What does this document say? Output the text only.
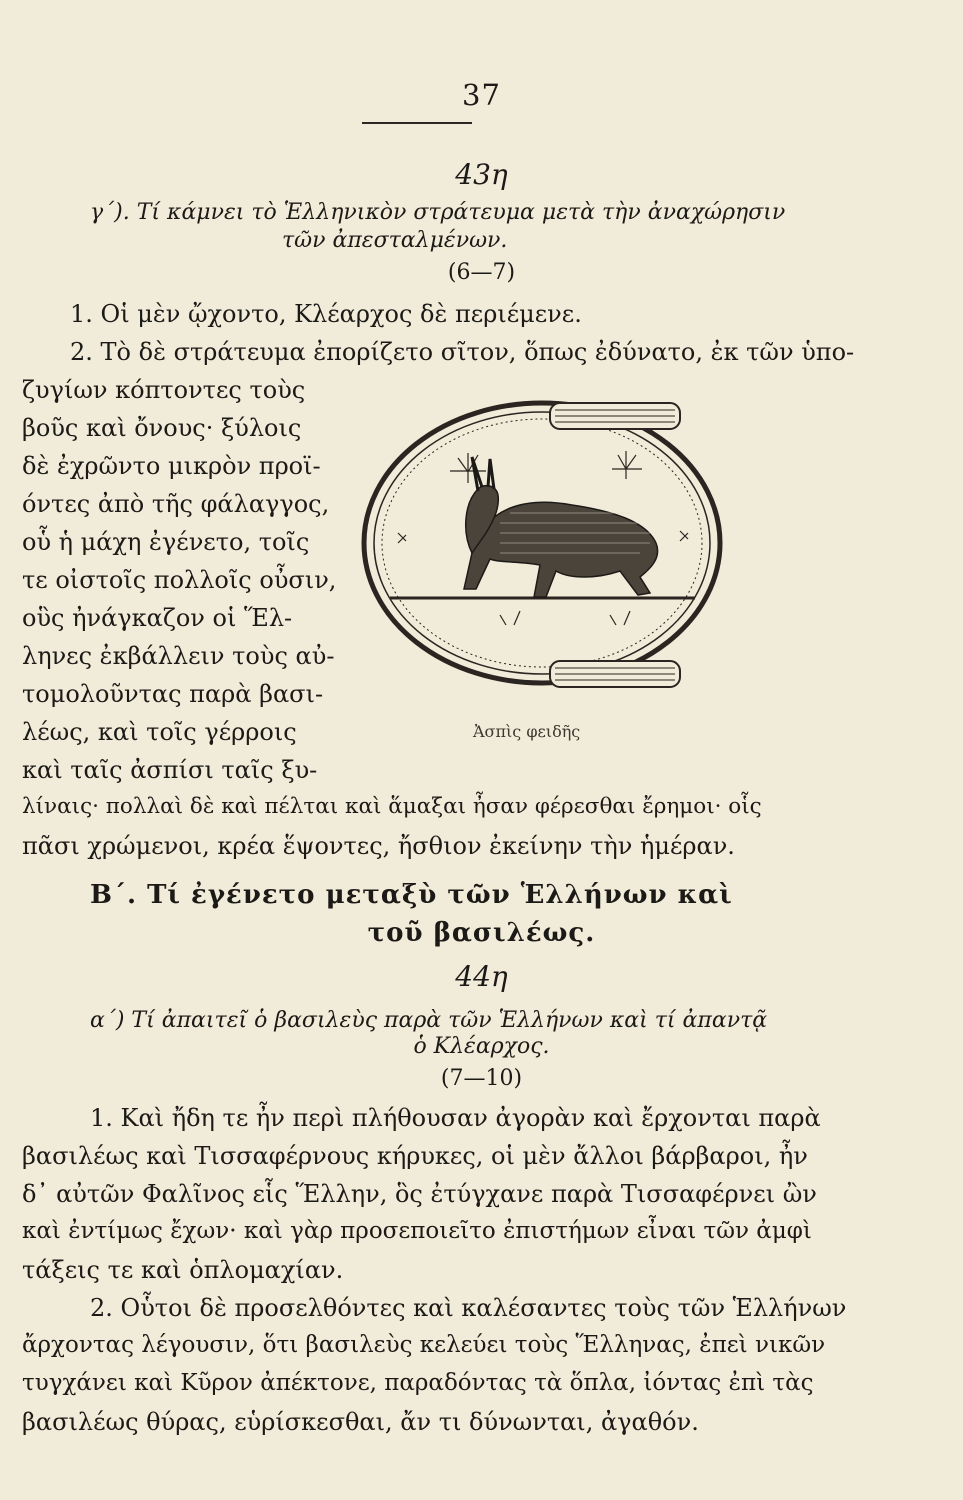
37
43η
γ΄). Τί κάμνει τὸ Ἑλληνικὸν στράτευμα μετὰ τὴν ἀναχώρησιν
τῶν ἀπεσταλμένων.
(6—7)
1. Οἱ μὲν ᾤχοντο, Κλέαρχος δὲ περιέμενε.
2. Τὸ δὲ στράτευμα ἐπορίζετο σῖτον, ὅπως ἐδύνατο, ἐκ τῶν ὑπο-
ζυγίων κόπτοντες τοὺς
βοῦς καὶ ὄνους· ξύλοις
δὲ ἐχρῶντο μικρὸν προϊ-
όντες ἀπὸ τῆς φάλαγγος,
οὗ ἡ μάχη ἐγένετο, τοῖς
τε οἰστοῖς πολλοῖς οὖσιν,
οὓς ἠνάγκαζον οἱ Ἕλ-
ληνες ἐκβάλλειν τοὺς αὐ-
τομολοῦντας παρὰ βασι-
λέως, καὶ τοῖς γέρροις
καὶ ταῖς ἀσπίσι ταῖς ξυ-
λίναις· πολλαὶ δὲ καὶ πέλται καὶ ἅμαξαι ἦσαν φέρεσθαι ἔρημοι· οἷς
πᾶσι χρώμενοι, κρέα ἕψοντες, ἤσθιον ἐκείνην τὴν ἡμέραν.
Ἀσπὶς φειδῆς
Β΄. Τί ἐγένετο μεταξὺ τῶν Ἑλλήνων καὶ
τοῦ βασιλέως.
44η
α΄) Τί ἀπαιτεῖ ὁ βασιλεὺς παρὰ τῶν Ἑλλήνων καὶ τί ἀπαντᾷ
ὁ Κλέαρχος.
(7—10)
1. Καὶ ἤδη τε ἦν περὶ πλήθουσαν ἀγορὰν καὶ ἔρχονται παρὰ
βασιλέως καὶ Τισσαφέρνους κήρυκες, οἱ μὲν ἄλλοι βάρβαροι, ἦν
δ᾽ αὐτῶν Φαλῖνος εἷς Ἕλλην, ὃς ἐτύγχανε παρὰ Τισσαφέρνει ὢν
καὶ ἐντίμως ἔχων· καὶ γὰρ προσεποιεῖτο ἐπιστήμων εἶναι τῶν ἀμφὶ
τάξεις τε καὶ ὁπλομαχίαν.
2. Οὗτοι δὲ προσελθόντες καὶ καλέσαντες τοὺς τῶν Ἑλλήνων
ἄρχοντας λέγουσιν, ὅτι βασιλεὺς κελεύει τοὺς Ἕλληνας, ἐπεὶ νικῶν
τυγχάνει καὶ Κῦρον ἀπέκτονε, παραδόντας τὰ ὅπλα, ἰόντας ἐπὶ τὰς
βασιλέως θύρας, εὑρίσκεσθαι, ἄν τι δύνωνται, ἀγαθόν.
